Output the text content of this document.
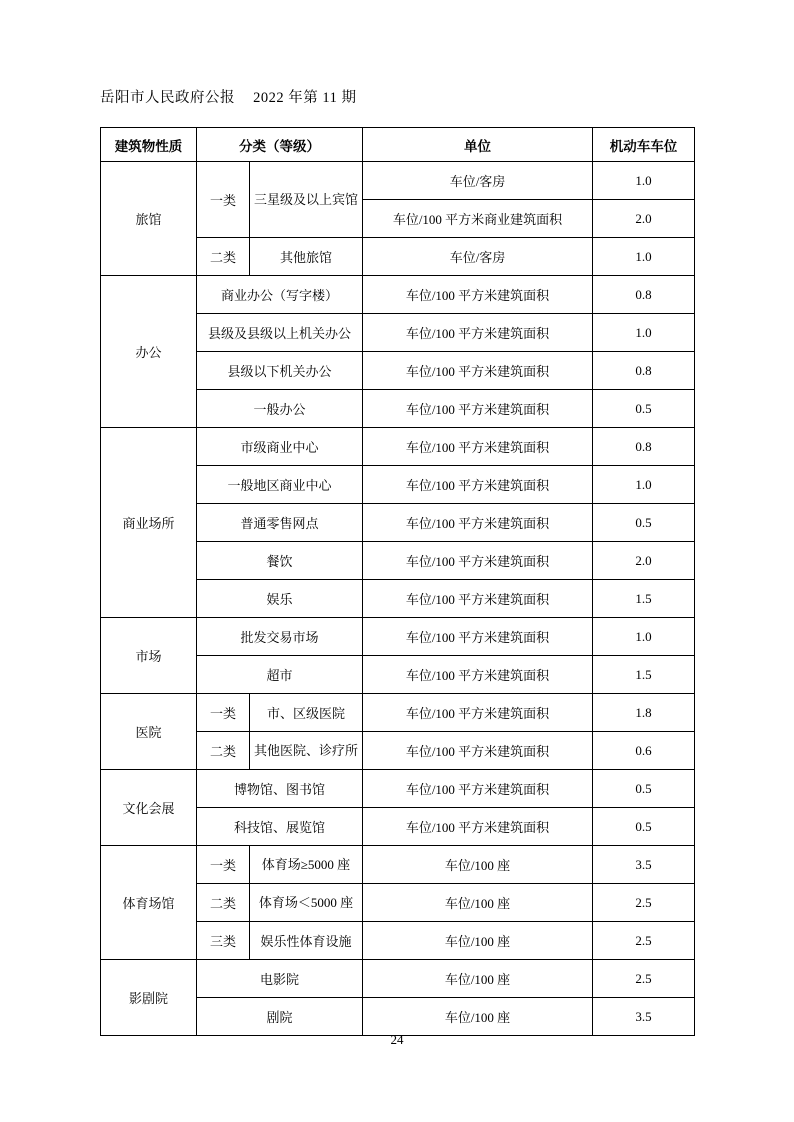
岳阳市人民政府公报 2022 年第 11 期
建筑物性质	分类（等级）		单位	机动车车位
旅馆	一类	三星级及以上宾馆	车位/客房	1.0
			车位/100 平方米商业建筑面积	2.0
	二类	其他旅馆	车位/客房	1.0
办公	商业办公（写字楼）		车位/100 平方米建筑面积	0.8
	县级及县级以上机关办公		车位/100 平方米建筑面积	1.0
	县级以下机关办公		车位/100 平方米建筑面积	0.8
	一般办公		车位/100 平方米建筑面积	0.5
商业场所	市级商业中心		车位/100 平方米建筑面积	0.8
	一般地区商业中心		车位/100 平方米建筑面积	1.0
	普通零售网点		车位/100 平方米建筑面积	0.5
	餐饮		车位/100 平方米建筑面积	2.0
	娱乐		车位/100 平方米建筑面积	1.5
市场	批发交易市场		车位/100 平方米建筑面积	1.0
	超市		车位/100 平方米建筑面积	1.5
医院	一类	市、区级医院	车位/100 平方米建筑面积	1.8
	二类	其他医院、诊疗所	车位/100 平方米建筑面积	0.6
文化会展	博物馆、图书馆		车位/100 平方米建筑面积	0.5
	科技馆、展览馆		车位/100 平方米建筑面积	0.5
体育场馆	一类	体育场≥5000 座	车位/100 座	3.5
	二类	体育场＜5000 座	车位/100 座	2.5
	三类	娱乐性体育设施	车位/100 座	2.5
影剧院	电影院		车位/100 座	2.5
	剧院		车位/100 座	3.5
24
